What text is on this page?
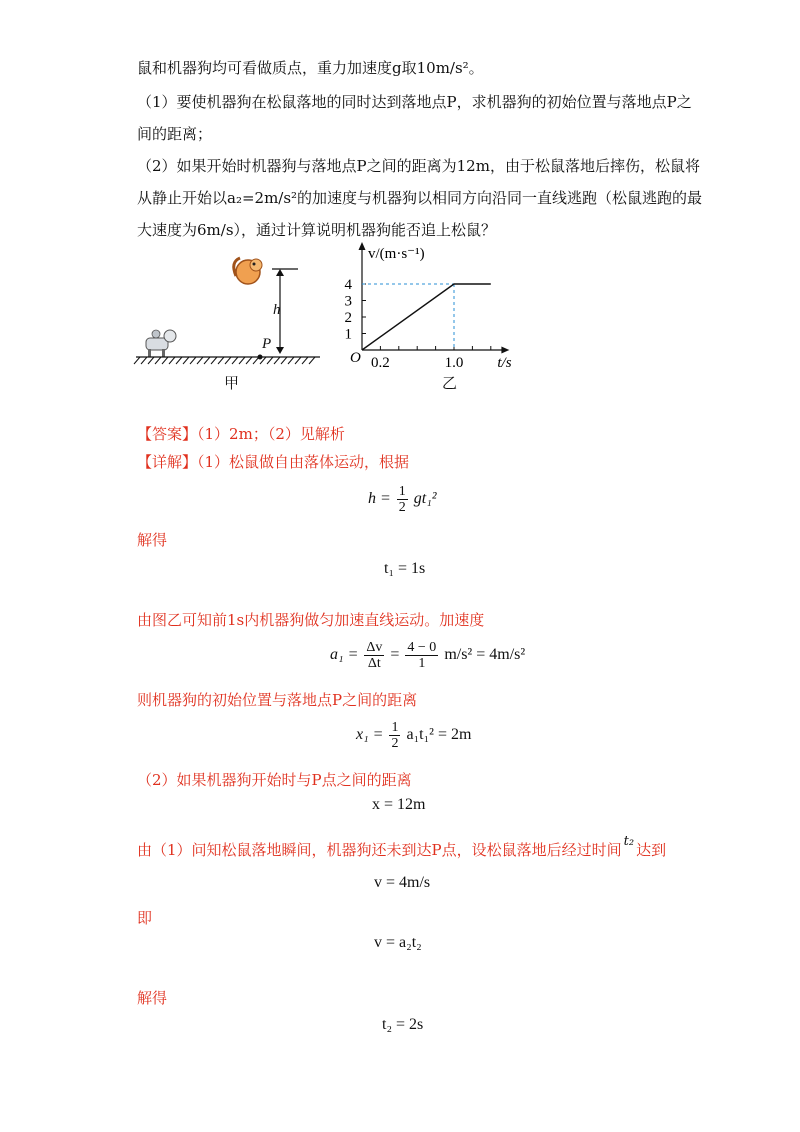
鼠和机器狗均可看做质点，重力加速度g取10m/s²。
（1）要使机器狗在松鼠落地的同时达到落地点P，求机器狗的初始位置与落地点P之
间的距离；
（2）如果开始时机器狗与落地点P之间的距离为12m，由于松鼠落地后摔伤，松鼠将
从静止开始以a₂=2m/s²的加速度与机器狗以相同方向沿同一直线逃跑（松鼠逃跑的最
大速度为6m/s），通过计算说明机器狗能否追上松鼠？
h
P
甲
1
2
3
4
0.2	1.0
O
v/(m·s⁻¹)
t/s
乙
【答案】（1）2m；（2）见解析
【详解】（1）松鼠做自由落体运动，根据
$h = \frac{1}{2} gt_1^2$
解得
t₁ = 1s
由图乙可知前1s内机器狗做匀加速直线运动。加速度
$a_1 = \frac{\Delta v}{\Delta t} = \frac{4 - 0}{1} m/s^2 = 4m/s^2$
则机器狗的初始位置与落地点P之间的距离
$x_1 = \frac{1}{2} a_1t_1^2 = 2m$
（2）如果机器狗开始时与P点之间的距离
x = 12m
由（1）问知松鼠落地瞬间，机器狗还未到达P点，设松鼠落地后经过时间 t₂ 达到
v = 4m/s
即
v = a₂t₂
解得
t₂ = 2s
